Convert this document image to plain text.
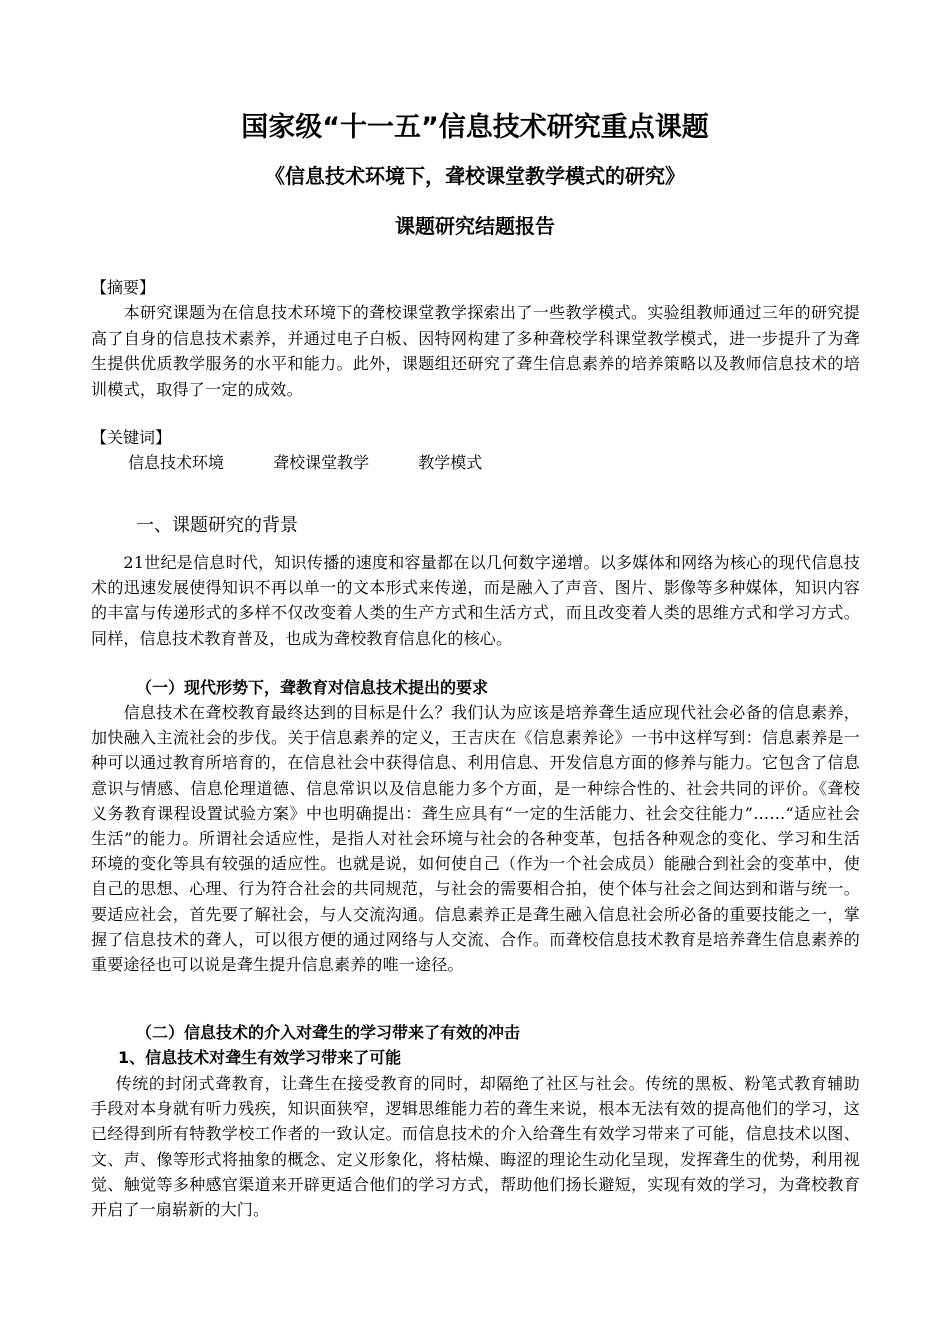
国家级“十一五”信息技术研究重点课题
《信息技术环境下，聋校课堂教学模式的研究》
课题研究结题报告
【摘要】

  本研究课题为在信息技术环境下的聋校课堂教学探索出了一些教学模式。实验组教师通过三年的研究提高了自身的信息技术素养，并通过电子白板、因特网构建了多种聋校学科课堂教学模式，进一步提升了为聋生提供优质教学服务的水平和能力。此外，课题组还研究了聋生信息素养的培养策略以及教师信息技术的培训模式，取得了一定的成效。

【关键词】
信息技术环境	聋校课堂教学	教学模式
一、课题研究的背景

  21世纪是信息时代，知识传播的速度和容量都在以几何数字递增。以多媒体和网络为核心的现代信息技术的迅速发展使得知识不再以单一的文本形式来传递，而是融入了声音、图片、影像等多种媒体，知识内容的丰富与传递形式的多样不仅改变着人类的生产方式和生活方式，而且改变着人类的思维方式和学习方式。同样，信息技术教育普及，也成为聋校教育信息化的核心。

（一）现代形势下，聋教育对信息技术提出的要求

  信息技术在聋校教育最终达到的目标是什么？我们认为应该是培养聋生适应现代社会必备的信息素养，加快融入主流社会的步伐。关于信息素养的定义，王吉庆在《信息素养论》一书中这样写到：信息素养是一种可以通过教育所培育的，在信息社会中获得信息、利用信息、开发信息方面的修养与能力。它包含了信息意识与情感、信息伦理道德、信息常识以及信息能力多个方面，是一种综合性的、社会共同的评价。《聋校义务教育课程设置试验方案》中也明确提出：聋生应具有“一定的生活能力、社会交往能力”……“适应社会生活”的能力。所谓社会适应性，是指人对社会环境与社会的各种变革，包括各种观念的变化、学习和生活环境的变化等具有较强的适应性。也就是说，如何使自己（作为一个社会成员）能融合到社会的变革中，使自己的思想、心理、行为符合社会的共同规范，与社会的需要相合拍，使个体与社会之间达到和谐与统一。要适应社会，首先要了解社会，与人交流沟通。信息素养正是聋生融入信息社会所必备的重要技能之一，掌握了信息技术的聋人，可以很方便的通过网络与人交流、合作。而聋校信息技术教育是培养聋生信息素养的重要途径也可以说是聋生提升信息素养的唯一途径。

（二）信息技术的介入对聋生的学习带来了有效的冲击
1、信息技术对聋生有效学习带来了可能

  传统的封闭式聋教育，让聋生在接受教育的同时，却隔绝了社区与社会。传统的黑板、粉笔式教育辅助手段对本身就有听力残疾，知识面狭窄，逻辑思维能力若的聋生来说，根本无法有效的提高他们的学习，这已经得到所有特教学校工作者的一致认定。而信息技术的介入给聋生有效学习带来了可能，信息技术以图、文、声、像等形式将抽象的概念、定义形象化，将枯燥、晦涩的理论生动化呈现，发挥聋生的优势，利用视觉、触觉等多种感官渠道来开辟更适合他们的学习方式，帮助他们扬长避短，实现有效的学习，为聋校教育开启了一扇崭新的大门。
